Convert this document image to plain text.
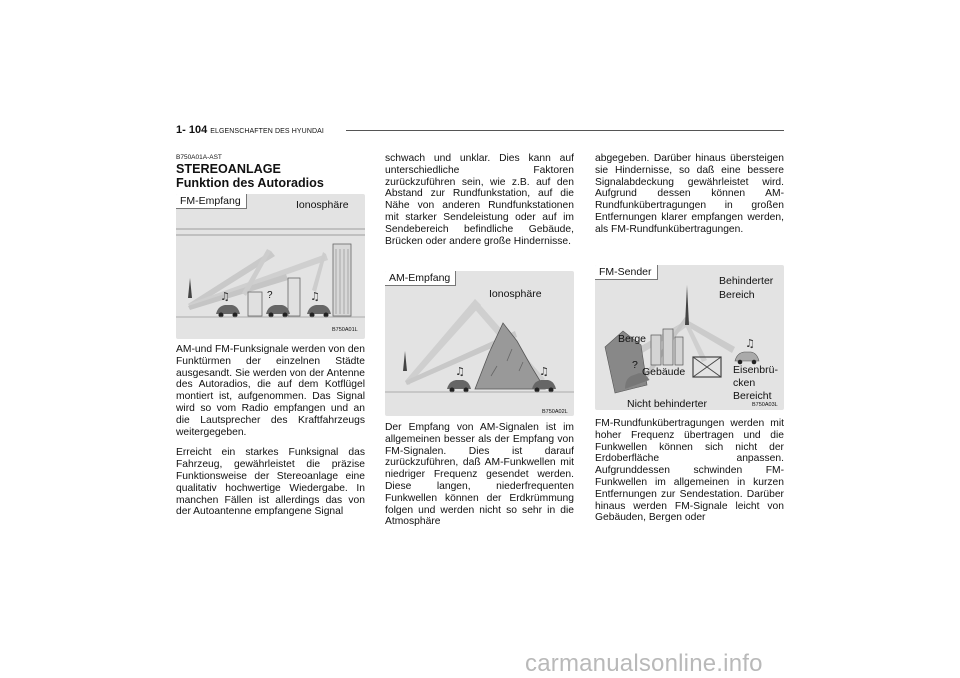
1- 104 ELGENSCHAFTEN DES HYUNDAI
B750A01A-AST
STEREOANLAGE
Funktion des Autoradios
♫	♫
FM-Empfang	Ionosphäre
?
B750A01L

AM-und FM-Funksignale werden von den Funktürmen der einzelnen Städte ausgesandt. Sie werden von der Antenne des Autoradios, die auf dem Kotflügel montiert ist, aufgenommen. Das Signal wird so vom Radio empfangen und an die Lautsprecher des Kraftfahrzeugs weitergegeben.

Erreicht ein starkes Funksignal das Fahrzeug, gewährleistet die präzise Funktionsweise der Stereoanlage eine qualitativ hochwertige Wiedergabe. In manchen Fällen ist allerdings das von der Autoantenne empfangene Signal

schwach und unklar. Dies kann auf unterschiedliche Faktoren zurückzuführen sein, wie z.B. auf den Abstand zur Rundfunkstation, auf die Nähe von anderen Rundfunkstationen mit starker Sendeleistung oder auf im Sendebereich befindliche Gebäude, Brücken oder andere große Hindernisse.

♫	♫
AM-Empfang
Ionosphäre
B750A02L

Der Empfang von AM-Signalen ist im allgemeinen besser als der Empfang von FM-Signalen. Dies ist darauf zurückzuführen, daß AM-Funkwellen mit niedriger Frequenz gesendet werden. Diese langen, niederfrequenten Funkwellen können der Erdkrümmung folgen und werden nicht so sehr in die Atmosphäre

abgegeben. Darüber hinaus übersteigen sie Hindernisse, so daß eine bessere Signalabdeckung gewährleistet wird. Aufgrund dessen können AM-Rundfunkübertragungen in großen Entfernungen klarer empfangen werden, als FM-Rundfunkübertragungen.

♫
FM-Sender
Behinderter
Bereich
Berge
?
Gebäude	Eisenbrü-
cken
Bereicht
Nicht behinderter	B750A03L

FM-Rundfunkübertragungen werden mit hoher Frequenz übertragen und die Funkwellen können sich nicht der Erdoberfläche anpassen. Aufgrunddessen schwinden FM-Funkwellen im allgemeinen in kurzen Entfernungen zur Sendestation. Darüber hinaus werden FM-Signale leicht von Gebäuden, Bergen oder

carmanualsonline.info
